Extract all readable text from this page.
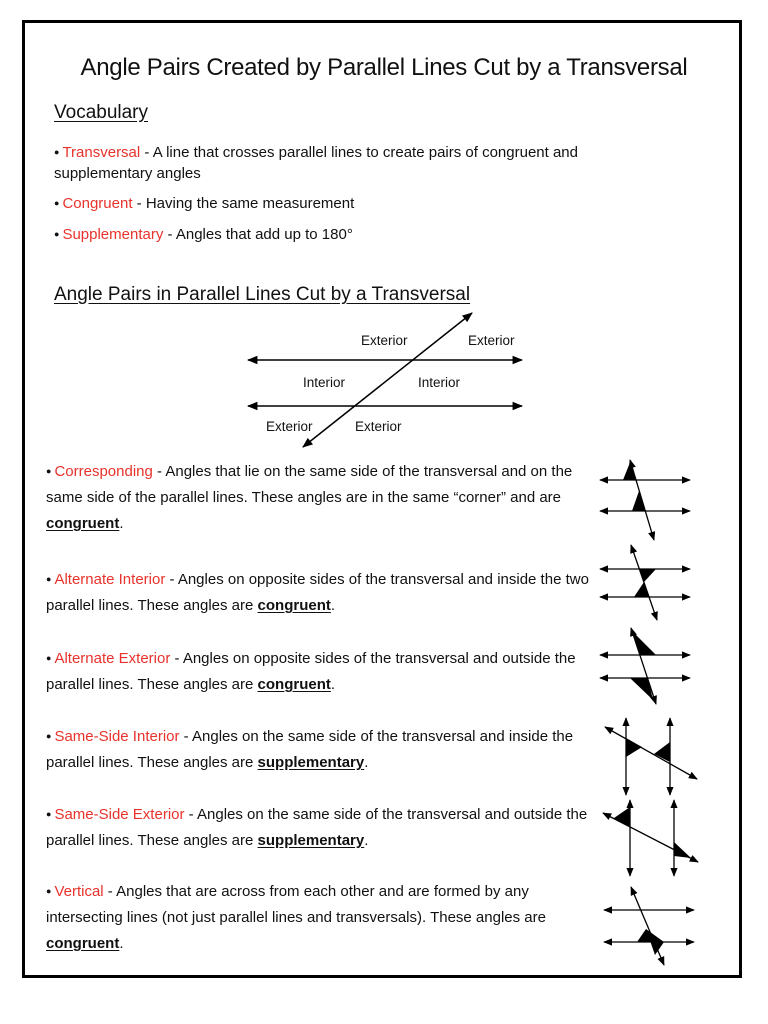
Angle Pairs Created by Parallel Lines Cut by a Transversal
Vocabulary
● Transversal - A line that crosses parallel lines to create pairs of congruent and supplementary angles
● Congruent - Having the same measurement
● Supplementary - Angles that add up to 180°
Angle Pairs in Parallel Lines Cut by a Transversal
Exterior	Exterior
Interior	Interior
Exterior	Exterior
● Corresponding - Angles that lie on the same side of the transversal and on the same side of the parallel lines. These angles are in the same “corner” and are congruent.
● Alternate Interior - Angles on opposite sides of the transversal and inside the two parallel lines. These angles are congruent.
● Alternate Exterior - Angles on opposite sides of the transversal and outside the parallel lines. These angles are congruent.
● Same-Side Interior - Angles on the same side of the transversal and inside the parallel lines. These angles are supplementary.
● Same-Side Exterior - Angles on the same side of the transversal and outside the parallel lines. These angles are supplementary.
● Vertical - Angles that are across from each other and are formed by any intersecting lines (not just parallel lines and transversals). These angles are congruent.
